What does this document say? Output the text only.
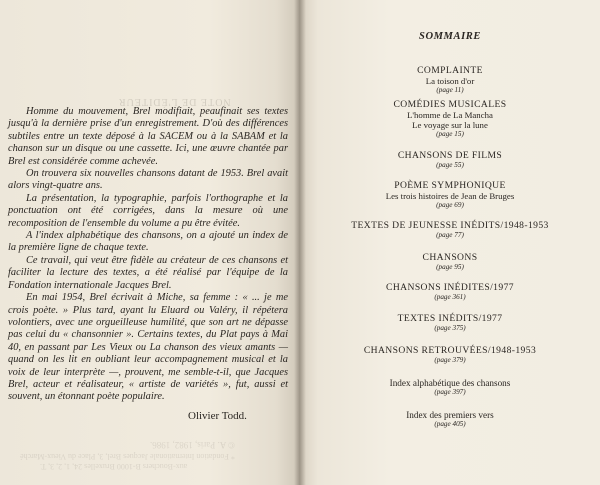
NOTE DE L'ÉDITEUR

Homme du mouvement, Brel modifiait, peaufinait ses textes jusqu'à la dernière prise d'un enregistrement. D'où des différences subtiles entre un texte déposé à la SACEM ou à la SABAM et la chanson sur un disque ou une cassette. Ici, une œuvre chantée par Brel est considérée comme achevée.

On trouvera six nouvelles chansons datant de 1953. Brel avait alors vingt-quatre ans.

La présentation, la typographie, parfois l'orthographe et la ponctuation ont été corrigées, dans la mesure où une recomposition de l'ensemble du volume a pu être évitée.

A l'index alphabétique des chansons, on a ajouté un index de la première ligne de chaque texte.

Ce travail, qui veut être fidèle au créateur de ces chansons et faciliter la lecture des textes, a été réalisé par l'équipe de la Fondation internationale Jacques Brel.

En mai 1954, Brel écrivait à Miche, sa femme : « ... je me crois poète. » Plus tard, ayant lu Eluard ou Valéry, il répétera volontiers, avec une orgueilleuse humilité, que son art ne dépasse pas celui du « chansonnier ». Certains textes, du Plat pays à Mai 40, en passant par Les Vieux ou La chanson des vieux amants — quand on les lit en oubliant leur accompagnement musical et la voix de leur interprète —, prouvent, me semble-t-il, que Jacques Brel, acteur et réalisateur, « artiste de variétés », fut, aussi et souvent, un étonnant poète populaire.

Olivier Todd.
© A. Paris, 1982, 1986.
* Fondation Internationale Jacques Brel, 3, Place du Vieux-Marché
aux-Bouchers B-1000 Bruxelles 24, 1, 2, 3, T.
SOMMAIRE
COMPLAINTE
La toison d'or
(page 11)
COMÉDIES MUSICALES
L'homme de La Mancha
Le voyage sur la lune
(page 15)
CHANSONS DE FILMS
(page 55)
POÈME SYMPHONIQUE
Les trois histoires de Jean de Bruges
(page 69)
TEXTES DE JEUNESSE INÉDITS/1948-1953
(page 77)
CHANSONS
(page 95)
CHANSONS INÉDITES/1977
(page 361)
TEXTES INÉDITS/1977
(page 375)
CHANSONS RETROUVÉES/1948-1953
(page 379)
Index alphabétique des chansons
(page 397)
Index des premiers vers
(page 405)
